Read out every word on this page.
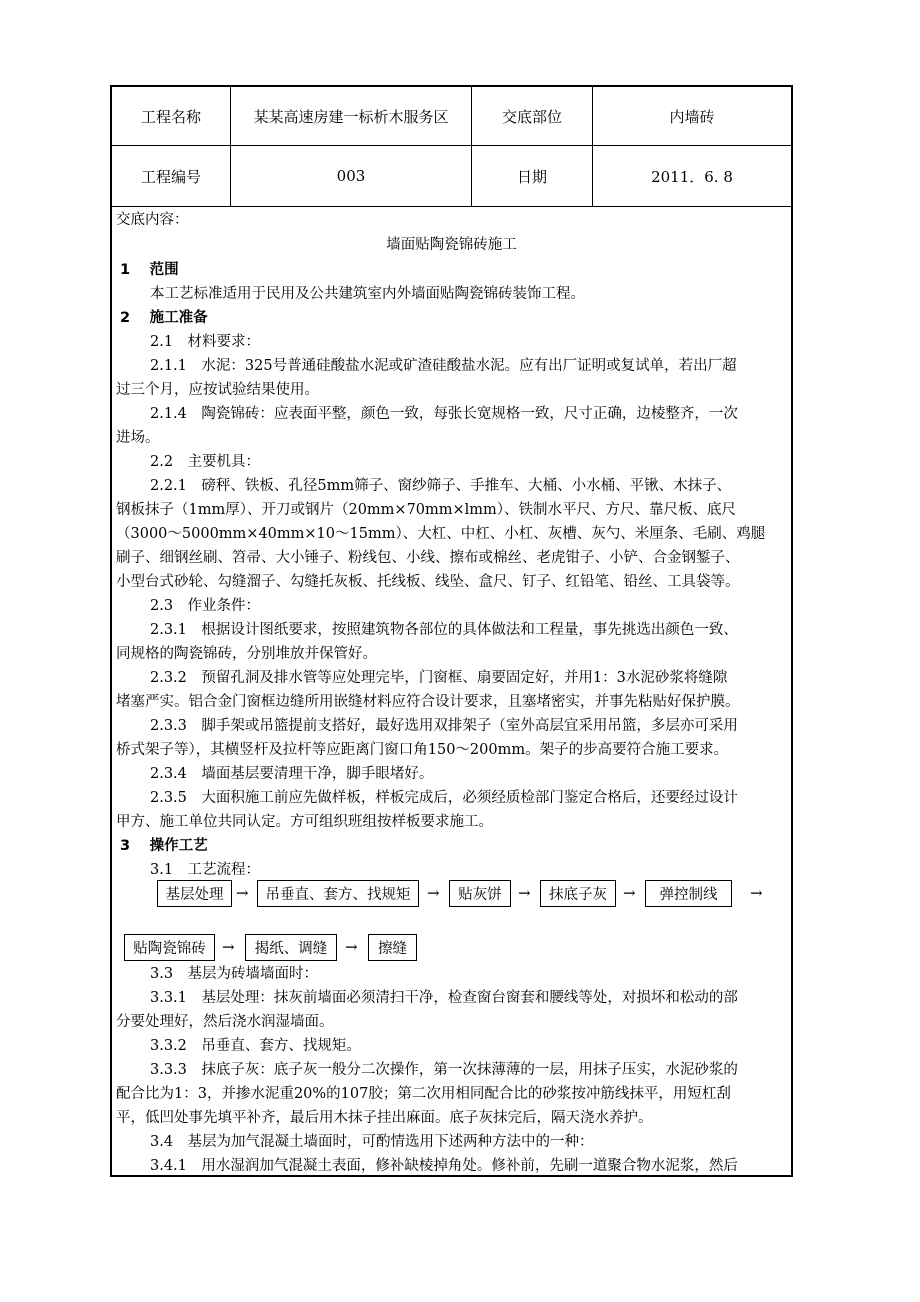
工程名称	某某高速房建一标析木服务区	交底部位	内墙砖
工程编号	003	日期	2011．6. 8
交底内容：
墙面贴陶瓷锦砖施工
1　 范围
本工艺标准适用于民用及公共建筑室内外墙面贴陶瓷锦砖装饰工程。
2　 施工准备
2.1　材料要求：
2.1.1　水泥：325号普通硅酸盐水泥或矿渣硅酸盐水泥。应有出厂证明或复试单，若出厂超
过三个月，应按试验结果使用。
2.1.4　陶瓷锦砖：应表面平整，颜色一致，每张长宽规格一致，尺寸正确，边棱整齐，一次
进场。
2.2　主要机具：
2.2.1　磅秤、铁板、孔径5mm筛子、窗纱筛子、手推车、大桶、小水桶、平锹、木抹子、
钢板抹子（1mm厚）、开刀或钢片（20mm×70mm×lmm）、铁制水平尺、方尺、靠尺板、底尺
（3000～5000mm×40mm×10～15mm）、大杠、中杠、小杠、灰槽、灰勺、米厘条、毛刷、鸡腿
刷子、细钢丝刷、笤帚、大小锤子、粉线包、小线、擦布或棉丝、老虎钳子、小铲、合金钢錾子、
小型台式砂轮、勾缝溜子、勾缝托灰板、托线板、线坠、盒尺、钉子、红铅笔、铅丝、工具袋等。
2.3　作业条件：
2.3.1　根据设计图纸要求，按照建筑物各部位的具体做法和工程量，事先挑选出颜色一致、
同规格的陶瓷锦砖，分别堆放并保管好。
2.3.2　预留孔洞及排水管等应处理完毕，门窗框、扇要固定好，并用1：3水泥砂浆将缝隙
堵塞严实。铝合金门窗框边缝所用嵌缝材料应符合设计要求，且塞堵密实，并事先粘贴好保护膜。
2.3.3　脚手架或吊篮提前支搭好，最好选用双排架子（室外高层宜采用吊篮，多层亦可采用
桥式架子等），其横竖杆及拉杆等应距离门窗口角150～200mm。架子的步高要符合施工要求。
2.3.4　墙面基层要清理干净，脚手眼堵好。
2.3.5　大面积施工前应先做样板，样板完成后，必须经质检部门鉴定合格后，还要经过设计
甲方、施工单位共同认定。方可组织班组按样板要求施工。
3　 操作工艺
3.1　工艺流程：
基层处理 →	吊垂直、套方、找规矩	→	贴灰饼	→	抹底子灰	→	弹控制线	→
贴陶瓷锦砖	→	揭纸、调缝	→	擦缝
3.3　基层为砖墙墙面时：
3.3.1　基层处理：抹灰前墙面必须清扫干净，检查窗台窗套和腰线等处，对损坏和松动的部
分要处理好，然后浇水润湿墙面。
3.3.2　吊垂直、套方、找规矩。
3.3.3　抹底子灰：底子灰一般分二次操作，第一次抹薄薄的一层，用抹子压实，水泥砂浆的
配合比为1：3，并掺水泥重20%的107胶；第二次用相同配合比的砂浆按冲筋线抹平，用短杠刮
平，低凹处事先填平补齐，最后用木抹子挂出麻面。底子灰抹完后，隔天浇水养护。
3.4　基层为加气混凝土墙面时，可酌情选用下述两种方法中的一种：
3.4.1　用水湿润加气混凝土表面，修补缺棱掉角处。修补前，先刷一道聚合物水泥浆，然后
